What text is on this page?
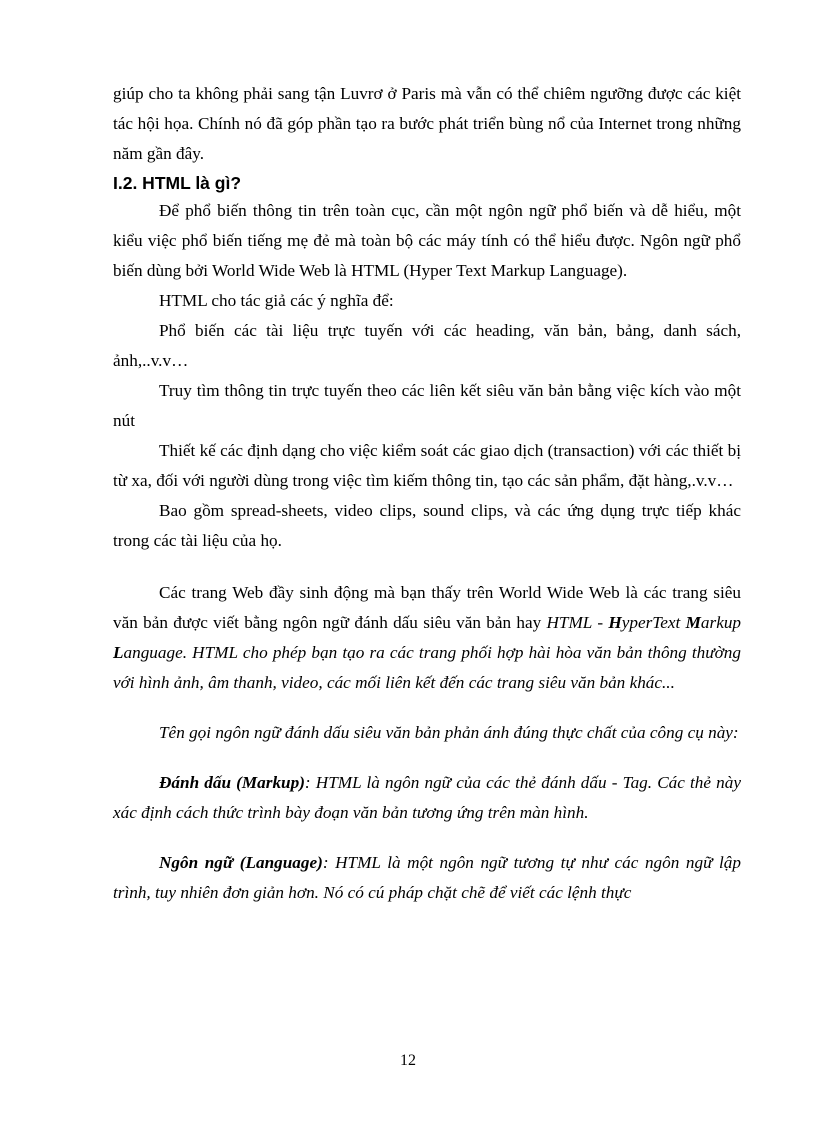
giúp cho ta không phải sang tận Luvrơ ở Paris mà vẫn có thể chiêm ngưỡng được các kiệt tác hội họa. Chính nó đã góp phần tạo ra bước phát triển bùng nổ của Internet trong những năm gần đây.

I.2. HTML là gì?

Để phổ biến thông tin trên toàn cục, cần một ngôn ngữ phổ biến và dễ hiểu, một kiểu việc phổ biến tiếng mẹ đẻ mà toàn bộ các máy tính có thể hiểu được. Ngôn ngữ phổ biến dùng bởi World Wide Web là HTML (Hyper Text Markup Language).

HTML cho tác giả các ý nghĩa để:

Phổ biến các tài liệu trực tuyến với các heading, văn bản, bảng, danh sách, ảnh,..v.v…

Truy tìm thông tin trực tuyến theo các liên kết siêu văn bản bằng việc kích vào một nút

Thiết kế các định dạng cho việc kiểm soát các giao dịch (transaction) với các thiết bị từ xa, đối với người dùng trong việc tìm kiếm thông tin, tạo các sản phẩm, đặt hàng,.v.v…

Bao gồm spread-sheets, video clips, sound clips, và các ứng dụng trực tiếp khác trong các tài liệu của họ.

Các trang Web đầy sinh động mà bạn thấy trên World Wide Web là các trang siêu văn bản được viết bằng ngôn ngữ đánh dấu siêu văn bản hay HTML - HyperText Markup Language. HTML cho phép bạn tạo ra các trang phối hợp hài hòa văn bản thông thường với hình ảnh, âm thanh, video, các mối liên kết đến các trang siêu văn bản khác...

Tên gọi ngôn ngữ đánh dấu siêu văn bản phản ánh đúng thực chất của công cụ này:

Đánh dấu (Markup): HTML là ngôn ngữ của các thẻ đánh dấu - Tag. Các thẻ này xác định cách thức trình bày đoạn văn bản tương ứng trên màn hình.

Ngôn ngữ (Language): HTML là một ngôn ngữ tương tự như các ngôn ngữ lập trình, tuy nhiên đơn giản hơn. Nó có cú pháp chặt chẽ để viết các lệnh thực

12
